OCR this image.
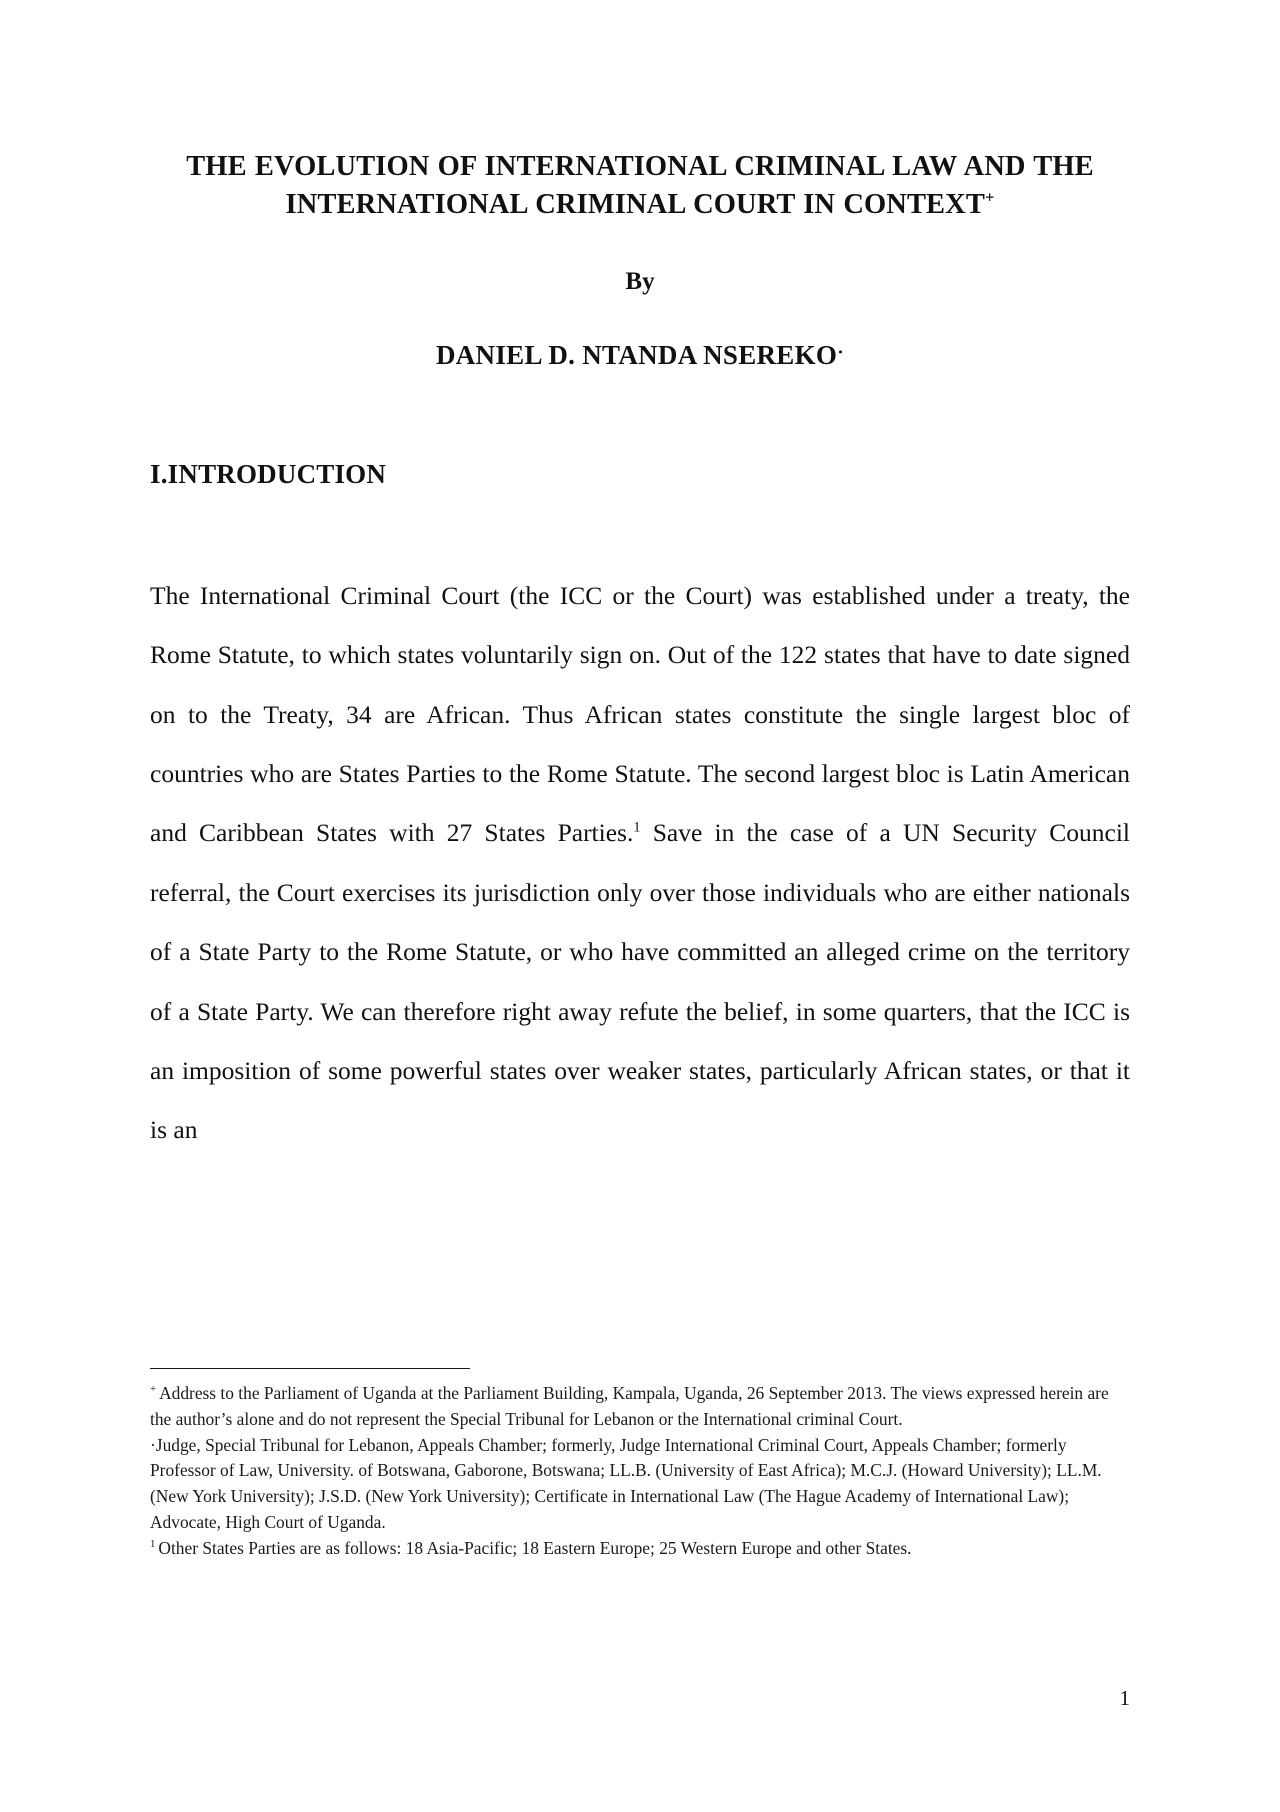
THE EVOLUTION OF INTERNATIONAL CRIMINAL LAW AND THE
INTERNATIONAL CRIMINAL COURT IN CONTEXT+
By
DANIEL D. NTANDA NSEREKO·
I.INTRODUCTION

The International Criminal Court (the ICC or the Court) was established under a treaty, the Rome Statute, to which states voluntarily sign on. Out of the 122 states that have to date signed on to the Treaty, 34 are African. Thus African states constitute the single largest bloc of countries who are States Parties to the Rome Statute. The second largest bloc is Latin American and Caribbean States with 27 States Parties.$^1$ Save in the case of a UN Security Council referral, the Court exercises its jurisdiction only over those individuals who are either nationals of a State Party to the Rome Statute, or who have committed an alleged crime on the territory of a State Party. We can therefore right away refute the belief, in some quarters, that the ICC is an imposition of some powerful states over weaker states, particularly African states, or that it is an

+ Address to the Parliament of Uganda at the Parliament Building, Kampala, Uganda, 26 September 2013. The views expressed herein are the author’s alone and do not represent the Special Tribunal for Lebanon or the International criminal Court.
·Judge, Special Tribunal for Lebanon, Appeals Chamber; formerly, Judge International Criminal Court, Appeals Chamber; formerly Professor of Law, University. of Botswana, Gaborone, Botswana; LL.B. (University of East Africa); M.C.J. (Howard University); LL.M. (New York University); J.S.D. (New York University); Certificate in International Law (The Hague Academy of International Law); Advocate, High Court of Uganda.
$^1$ Other States Parties are as follows: 18 Asia-Pacific; 18 Eastern Europe; 25 Western Europe and other States.
1
